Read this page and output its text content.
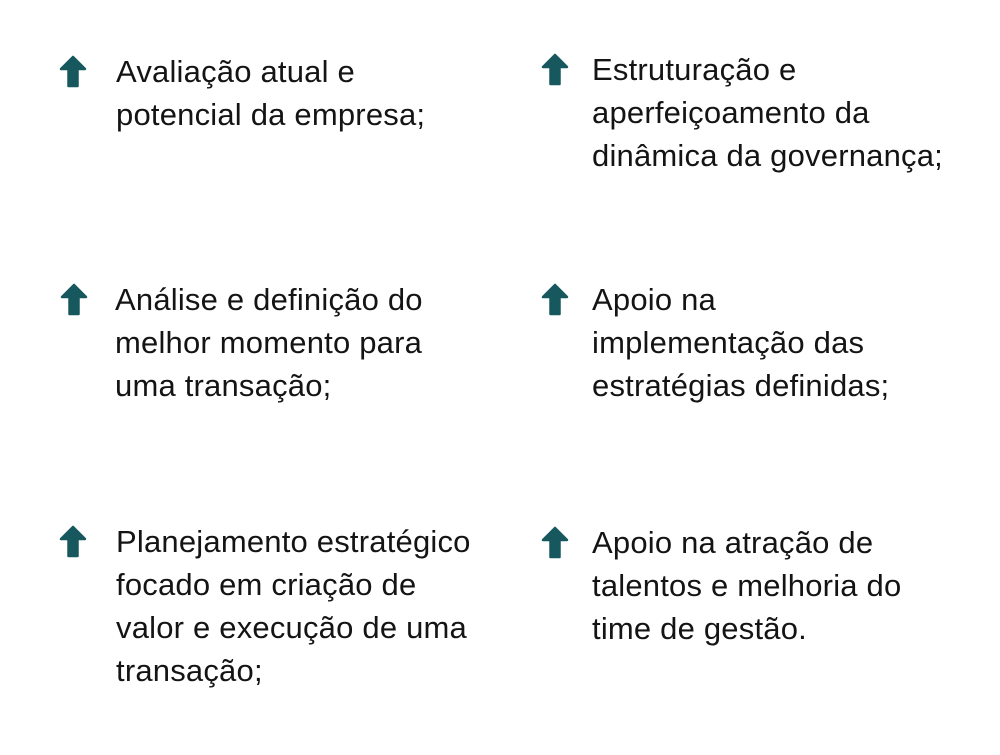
Avaliação atual e
potencial da empresa;
Estruturação e
aperfeiçoamento da
dinâmica da governança;
Análise e definição do
melhor momento para
uma transação;
Apoio na
implementação das
estratégias definidas;
Planejamento estratégico
focado em criação de
valor e execução de uma
transação;
Apoio na atração de
talentos e melhoria do
time de gestão.
